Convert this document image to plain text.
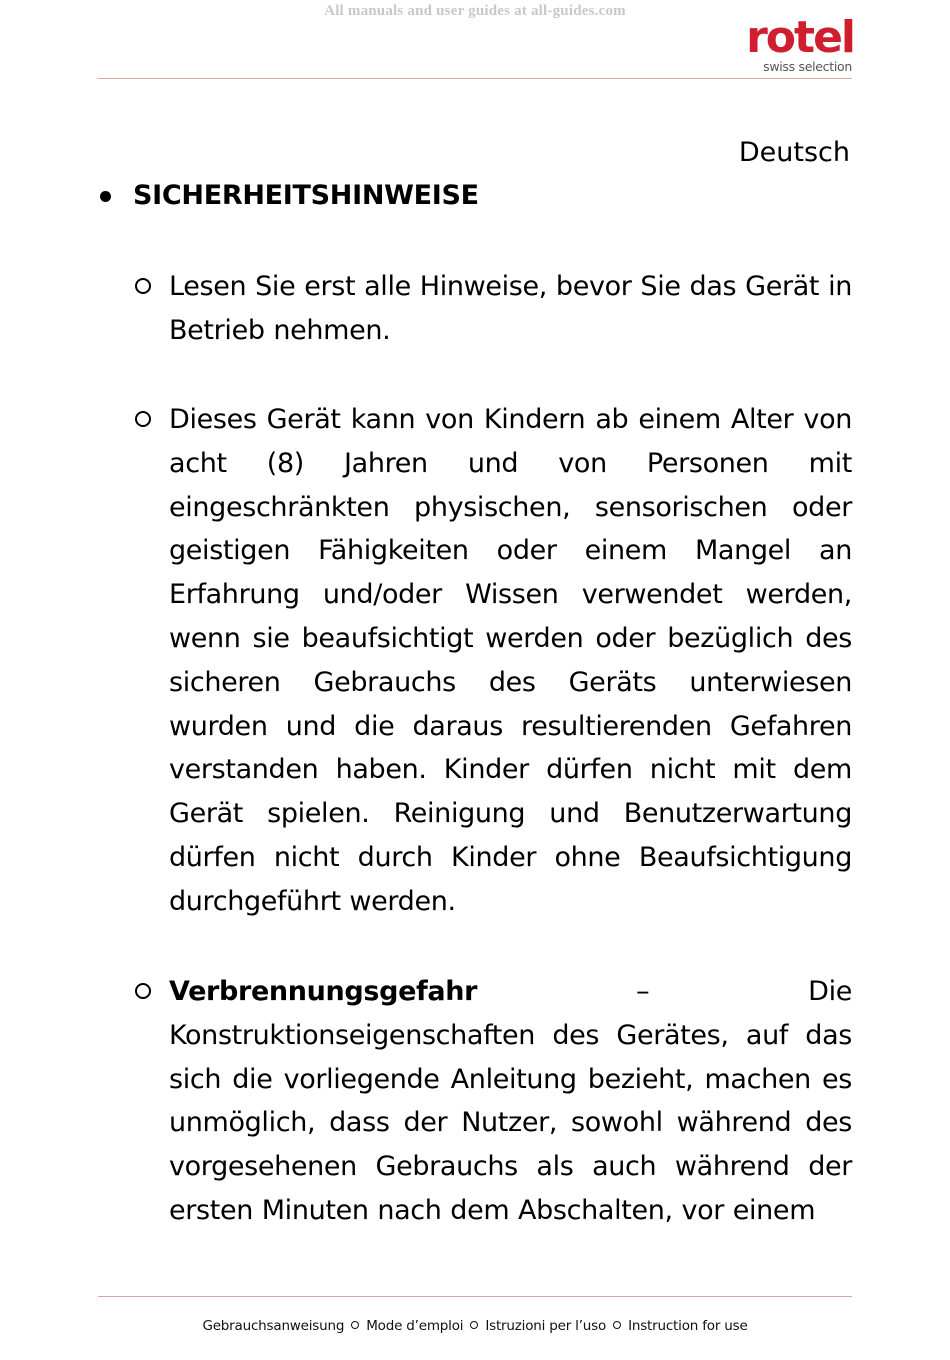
All manuals and user guides at all-guides.com
rotel
swiss selection
Deutsch
SICHERHEITSHINWEISE
Lesen Sie erst alle Hinweise, bevor Sie das Gerät in Betrieb nehmen.
Dieses Gerät kann von Kindern ab einem Alter von acht (8) Jahren und von Personen mit eingeschränkten physischen, sensorischen oder geistigen Fähigkeiten oder einem Mangel an Erfahrung und/oder Wissen verwendet werden, wenn sie beaufsichtigt werden oder bezüglich des sicheren Gebrauchs des Geräts unterwiesen wurden und die daraus resultierenden Gefahren verstanden haben. Kinder dürfen nicht mit dem Gerät spielen. Reinigung und Benutzerwartung dürfen nicht durch Kinder ohne Beaufsichtigung durchgeführt werden.
Verbrennungsgefahr	–	Die
Konstruktionseigenschaften des Gerätes, auf das sich die vorliegende Anleitung bezieht, machen es unmöglich, dass der Nutzer, sowohl während des vorgesehenen Gebrauchs als auch während der ersten Minuten nach dem Abschalten, vor einem
Gebrauchsanweisung Mode d’emploi Istruzioni per l’uso Instruction for use
